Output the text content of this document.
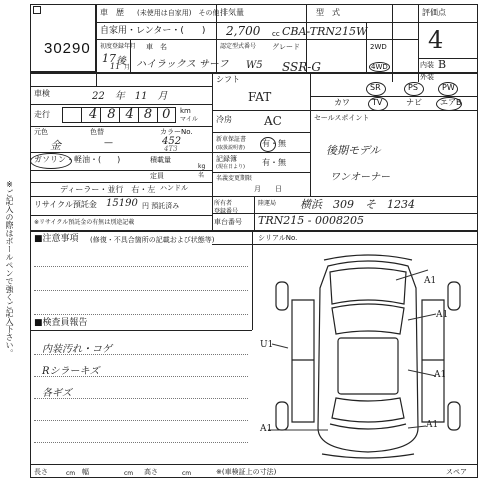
30290
車　歴 (未使用は自家用)　その他
自家用・レンター・(　　)
初度登録年月 車　名
17 後
11 月 ハイラックス サーフ
排気量
2,700 cc
型　式
CBA-TRN215W
認定型式番号 グレード
W5 SSR-G
2WD
4WD
評価点
4
内装 B
外装
車検	22　年　11　月
走行	48480 km
マイル
元色	色替	カラーNo.
金	—	452
4T3
ガソリン・軽油・(　　)	積載量
kg
定員	名
ハンドル
ディーラー・並行　右・左
リサイクル預託金 15190 円 預託済み
※リサイクル預託金の有無は別途記載
シフト
FAT
冷房	AC
新車保証書
(取扱説明書) 有・無
記録簿
(現在日より) 有・無
名義変更期限
月　　日
SR	PS	PW
カワ	TV	ナビ エアB
セールスポイント
後期モデル
ワンオーナー
所有者
登録番号
陸運局 横浜　309　そ　1234
車台番号 TRN215 - 0008205
シリアルNo.
■注意事項 (修復・不具合箇所の記載および状態等)
■検査員報告
内装汚れ・コゲ
Rシラーキズ
各ギズ
※ご記入の際はボールペンで強くご記入下さい。	A1
A1
A1
A1
U1
A1
長さ	cm 幅	cm 高さ	cm	※(車検証上の寸法)	スペア
